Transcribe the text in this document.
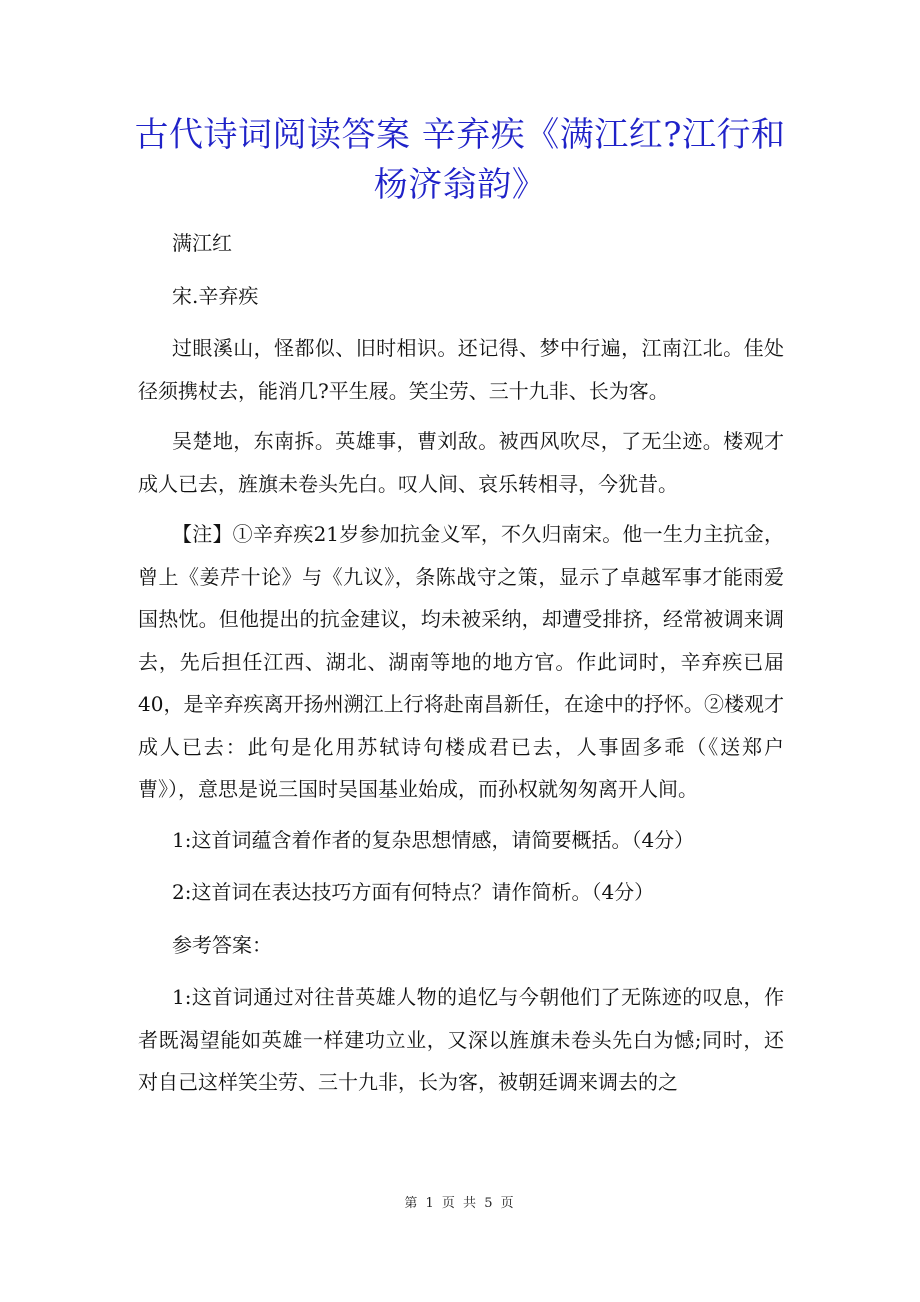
古代诗词阅读答案 辛弃疾《满江红?江行和
杨济翁韵》

满江红

宋.辛弃疾

过眼溪山，怪都似、旧时相识。还记得、梦中行遍，江南江北。佳处径须携杖去，能消几?平生屐。笑尘劳、三十九非、长为客。

吴楚地，东南拆。英雄事，曹刘敌。被西风吹尽，了无尘迹。楼观才成人已去，旌旗未卷头先白。叹人间、哀乐转相寻，今犹昔。

【注】①辛弃疾21岁参加抗金义军，不久归南宋。他一生力主抗金，曾上《姜芹十论》与《九议》，条陈战守之策，显示了卓越军事才能雨爱国热忱。但他提出的抗金建议，均未被采纳，却遭受排挤，经常被调来调去，先后担任江西、湖北、湖南等地的地方官。作此词时，辛弃疾已届40，是辛弃疾离开扬州溯江上行将赴南昌新任，在途中的抒怀。②楼观才成人已去：此句是化用苏轼诗句楼成君已去，人事固多乖（《送郑户曹》），意思是说三国时吴国基业始成，而孙权就匆匆离开人间。

1:这首词蕴含着作者的复杂思想情感，请简要概括。（4分）

2:这首词在表达技巧方面有何特点？请作简析。（4分）

参考答案：

1:这首词通过对往昔英雄人物的追忆与今朝他们了无陈迹的叹息，作者既渴望能如英雄一样建功立业，又深以旌旗未卷头先白为憾;同时，还对自己这样笑尘劳、三十九非，长为客，被朝廷调来调去的之

第 1 页 共 5 页
